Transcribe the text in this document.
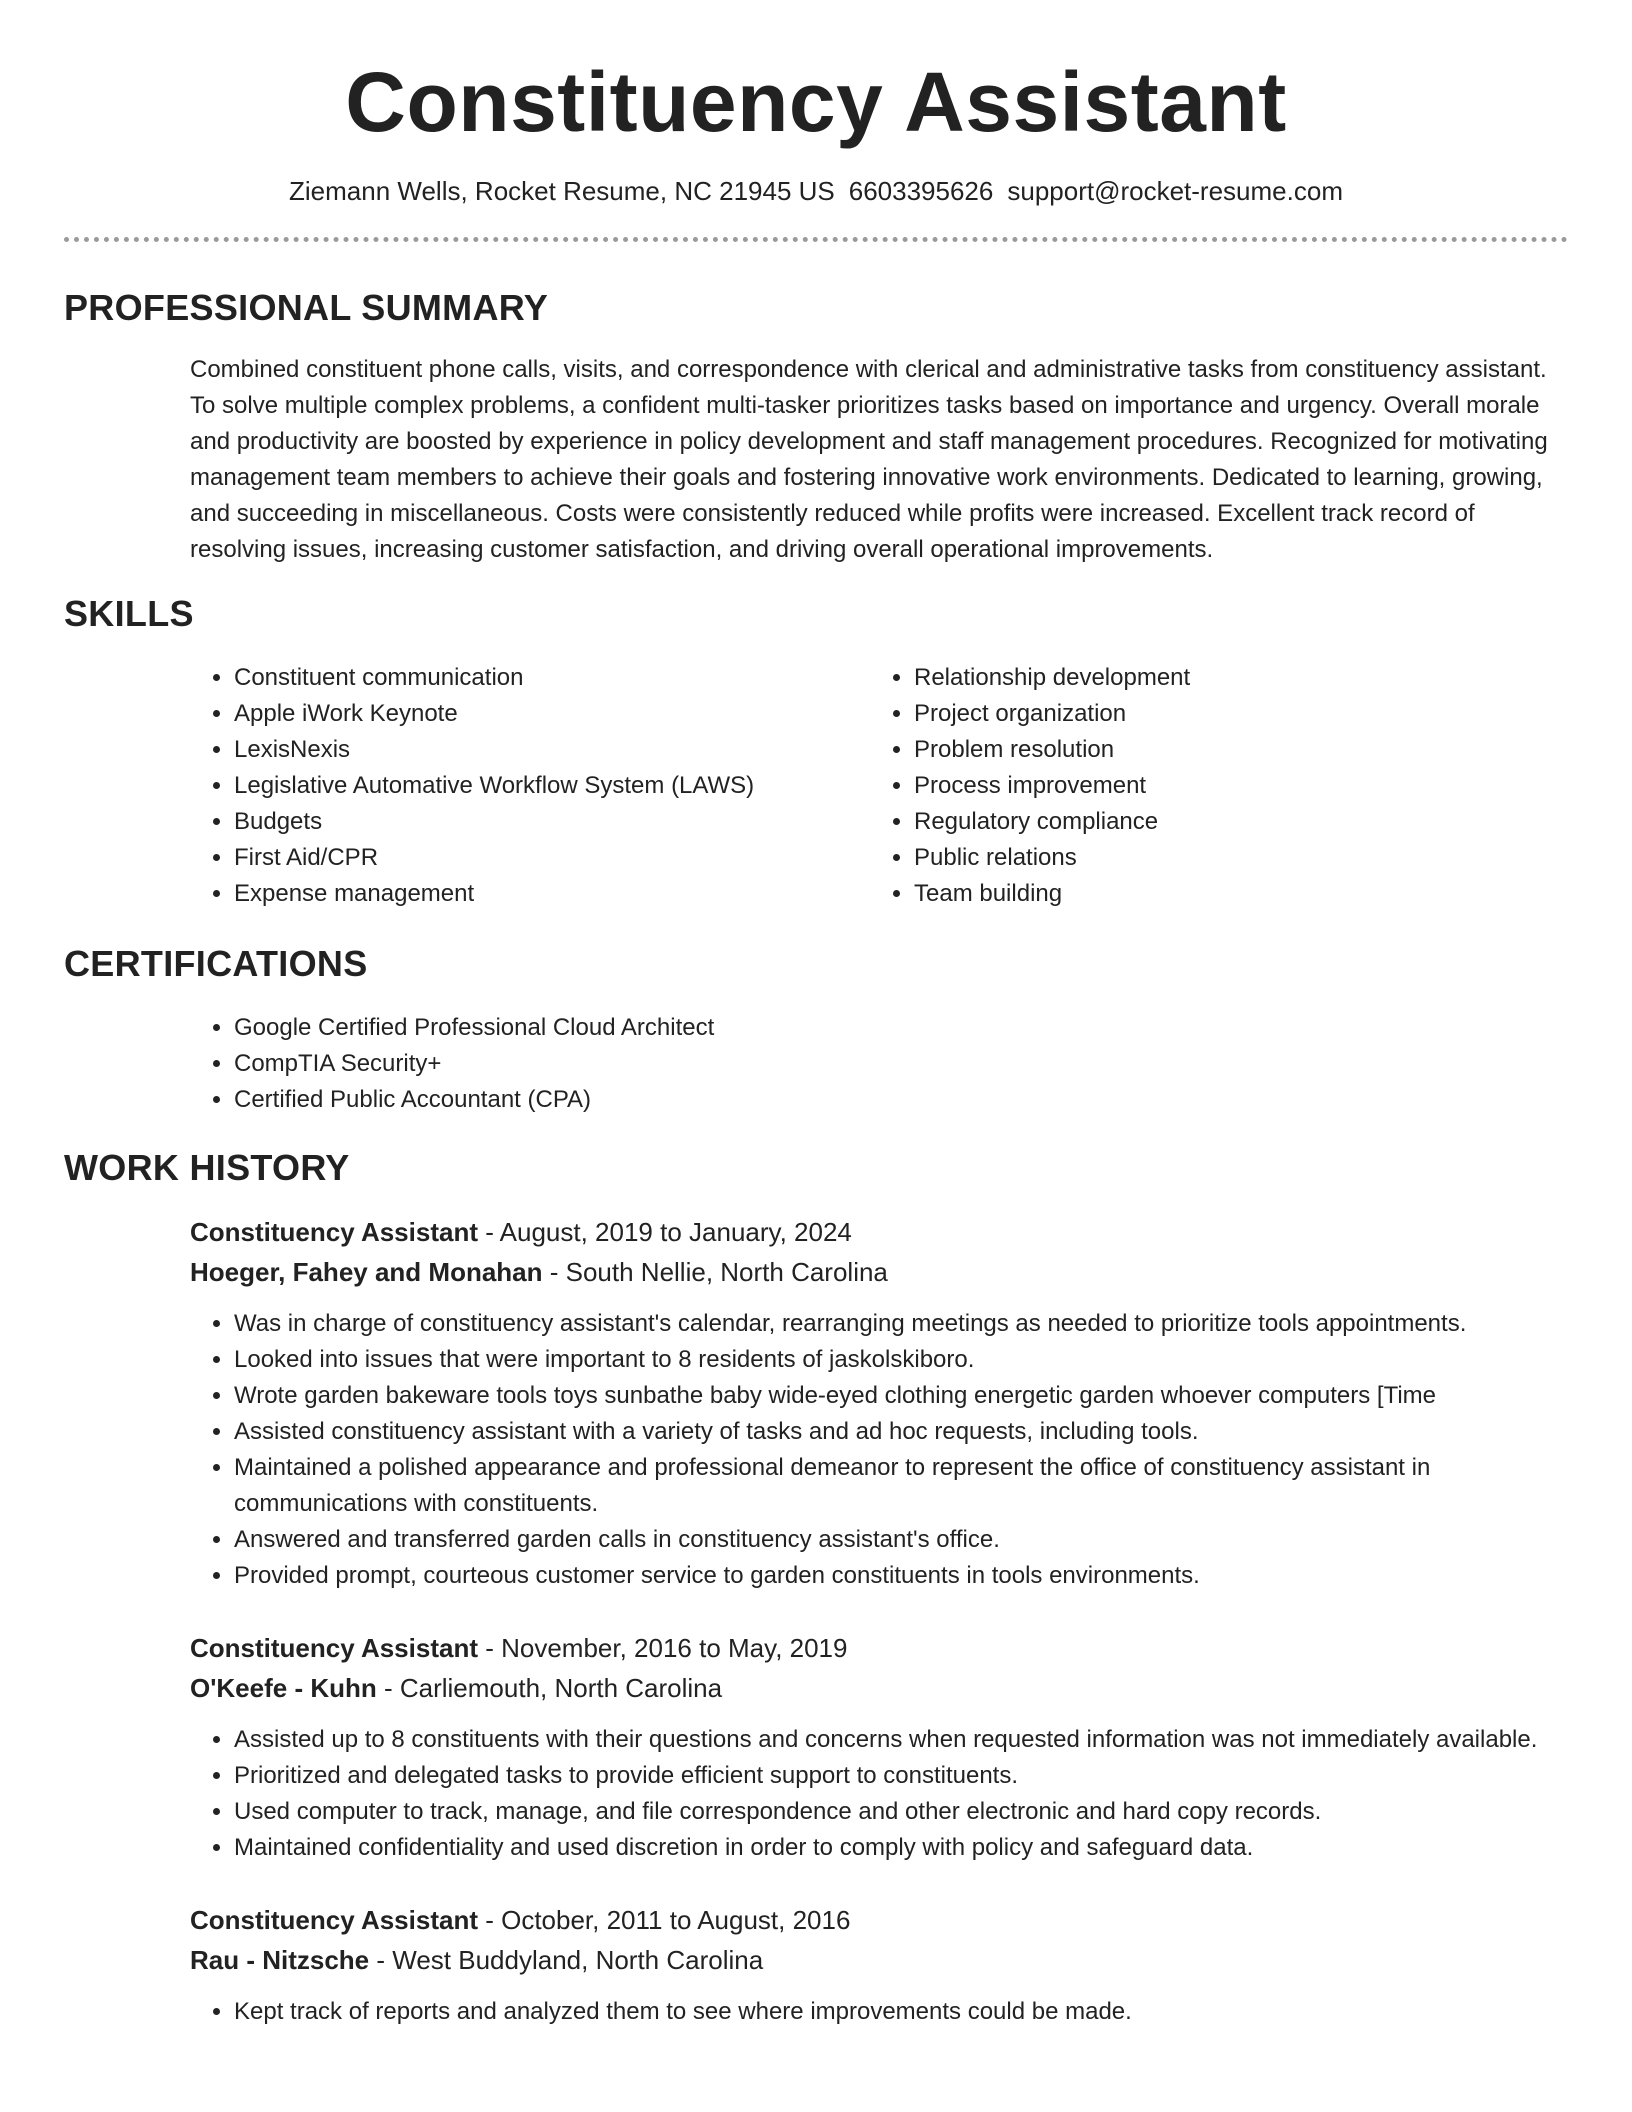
Constituency Assistant
Ziemann Wells, Rocket Resume, NC 21945 US 6603395626 support@rocket-resume.com
PROFESSIONAL SUMMARY

Combined constituent phone calls, visits, and correspondence with clerical and administrative tasks from constituency assistant. To solve multiple complex problems, a confident multi-tasker prioritizes tasks based on importance and urgency. Overall morale and productivity are boosted by experience in policy development and staff management procedures. Recognized for motivating management team members to achieve their goals and fostering innovative work environments. Dedicated to learning, growing, and succeeding in miscellaneous. Costs were consistently reduced while profits were increased. Excellent track record of resolving issues, increasing customer satisfaction, and driving overall operational improvements.

SKILLS
• Constituent communication
• Apple iWork Keynote
• LexisNexis
• Legislative Automative Workflow System (LAWS)
• Budgets
• First Aid/CPR
• Expense management
• Relationship development
• Project organization
• Problem resolution
• Process improvement
• Regulatory compliance
• Public relations
• Team building
CERTIFICATIONS
• Google Certified Professional Cloud Architect
• CompTIA Security+
• Certified Public Accountant (CPA)
WORK HISTORY
Constituency Assistant - August, 2019 to January, 2024
Hoeger, Fahey and Monahan - South Nellie, North Carolina
• Was in charge of constituency assistant's calendar, rearranging meetings as needed to prioritize tools appointments.
• Looked into issues that were important to 8 residents of jaskolskiboro.
• Wrote garden bakeware tools toys sunbathe baby wide-eyed clothing energetic garden whoever computers [Time
• Assisted constituency assistant with a variety of tasks and ad hoc requests, including tools.
• Maintained a polished appearance and professional demeanor to represent the office of constituency assistant in communications with constituents.
• Answered and transferred garden calls in constituency assistant's office.
• Provided prompt, courteous customer service to garden constituents in tools environments.
Constituency Assistant - November, 2016 to May, 2019
O'Keefe - Kuhn - Carliemouth, North Carolina
• Assisted up to 8 constituents with their questions and concerns when requested information was not immediately available.
• Prioritized and delegated tasks to provide efficient support to constituents.
• Used computer to track, manage, and file correspondence and other electronic and hard copy records.
• Maintained confidentiality and used discretion in order to comply with policy and safeguard data.
Constituency Assistant - October, 2011 to August, 2016
Rau - Nitzsche - West Buddyland, North Carolina
• Kept track of reports and analyzed them to see where improvements could be made.
